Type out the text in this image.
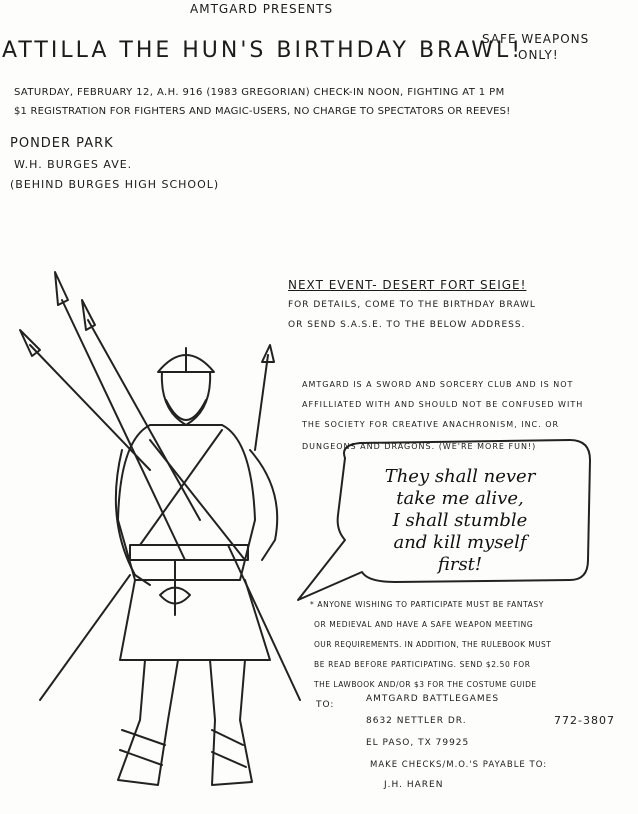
AMTGARD PRESENTS
ATTILLA THE HUN'S BIRTHDAY BRAWL!
SAFE WEAPONS
ONLY!
SATURDAY, FEBRUARY 12, A.H. 916 (1983 GREGORIAN) CHECK-IN NOON, FIGHTING AT 1 PM
$1 REGISTRATION FOR FIGHTERS AND MAGIC-USERS, NO CHARGE TO SPECTATORS OR REEVES!
PONDER PARK
W.H. BURGES AVE.
(BEHIND BURGES HIGH SCHOOL)
NEXT EVENT- DESERT FORT SEIGE!
FOR DETAILS, COME TO THE BIRTHDAY BRAWL
OR SEND S.A.S.E. TO THE BELOW ADDRESS.
AMTGARD IS A SWORD AND SORCERY CLUB AND IS NOT
AFFILLIATED WITH AND SHOULD NOT BE CONFUSED WITH
THE SOCIETY FOR CREATIVE ANACHRONISM, INC. OR
DUNGEONS AND DRAGONS. (WE'RE MORE FUN!)
They shall never
take me alive,
I shall stumble
and kill myself
first!
* ANYONE WISHING TO PARTICIPATE MUST BE FANTASY
OR MEDIEVAL AND HAVE A SAFE WEAPON MEETING
OUR REQUIREMENTS. IN ADDITION, THE RULEBOOK MUST
BE READ BEFORE PARTICIPATING. SEND $2.50 FOR
THE LAWBOOK AND/OR $3 FOR THE COSTUME GUIDE
TO:
AMTGARD BATTLEGAMES
8632 NETTLER DR.
EL PASO, TX 79925
772-3807
MAKE CHECKS/M.O.'S PAYABLE TO:
J.H. HAREN
